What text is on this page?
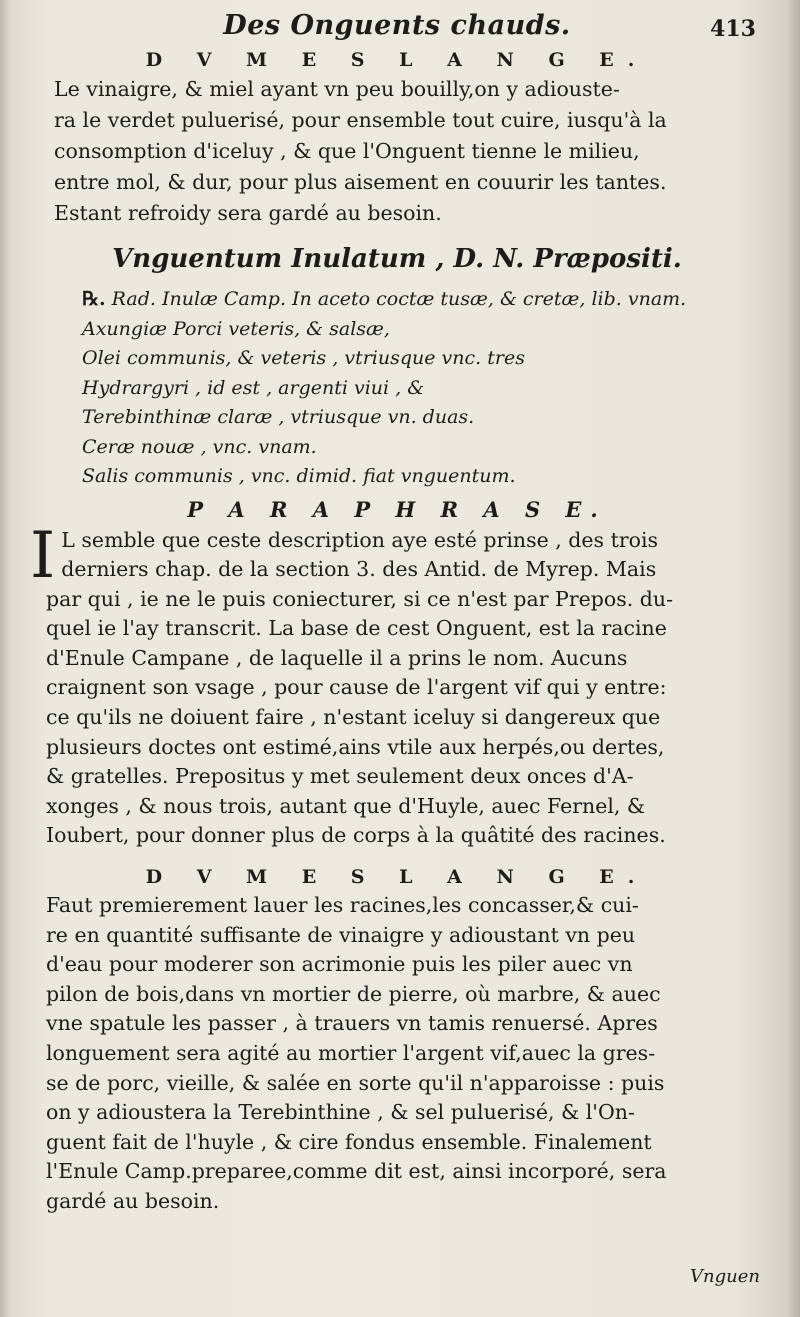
Des Onguents chauds.	413
D V M E S L A N G E.

Le vinaigre, & miel ayant vn peu bouilly,on y adiouste-

ra le verdet puluerisé, pour ensemble tout cuire, iusqu'à la

consomption d'iceluy , & que l'Onguent tienne le milieu,

entre mol, & dur, pour plus aisement en couurir les tantes.

Estant refroidy sera gardé au besoin.

Vnguentum Inulatum , D. N. Præpositi.
℞. Rad. Inulæ Camp. In aceto coctæ tusæ, & cretæ, lib. vnam.
Axungiæ Porci veteris, & salsæ,
Olei communis, & veteris , vtriusque vnc. tres
Hydrargyri , id est , argenti viui , &
Terebinthinæ claræ , vtriusque vn. duas.
Ceræ nouæ , vnc. vnam.
Salis communis , vnc. dimid. fiat vnguentum.
P A R A P H R A S E.
I L semble que ceste description aye esté prinse , des trois

derniers chap. de la section 3. des Antid. de Myrep. Mais

par qui , ie ne le puis coniecturer, si ce n'est par Prepos. du-

quel ie l'ay transcrit. La base de cest Onguent, est la racine

d'Enule Campane , de laquelle il a prins le nom. Aucuns

craignent son vsage , pour cause de l'argent vif qui y entre:

ce qu'ils ne doiuent faire , n'estant iceluy si dangereux que

plusieurs doctes ont estimé,ains vtile aux herpés,ou dertes,

& gratelles. Prepositus y met seulement deux onces d'A-

xonges , & nous trois, autant que d'Huyle, auec Fernel, &

Ioubert, pour donner plus de corps à la quâtité des racines.

D V M E S L A N G E.

Faut premierement lauer les racines,les concasser,& cui-

re en quantité suffisante de vinaigre y adioustant vn peu

d'eau pour moderer son acrimonie puis les piler auec vn

pilon de bois,dans vn mortier de pierre, où marbre, & auec

vne spatule les passer , à trauers vn tamis renuersé. Apres

longuement sera agité au mortier l'argent vif,auec la gres-

se de porc, vieille, & salée en sorte qu'il n'apparoisse : puis

on y adioustera la Terebinthine , & sel puluerisé, & l'On-

guent fait de l'huyle , & cire fondus ensemble. Finalement

l'Enule Camp.preparee,comme dit est, ainsi incorporé, sera

gardé au besoin.

Vnguen
